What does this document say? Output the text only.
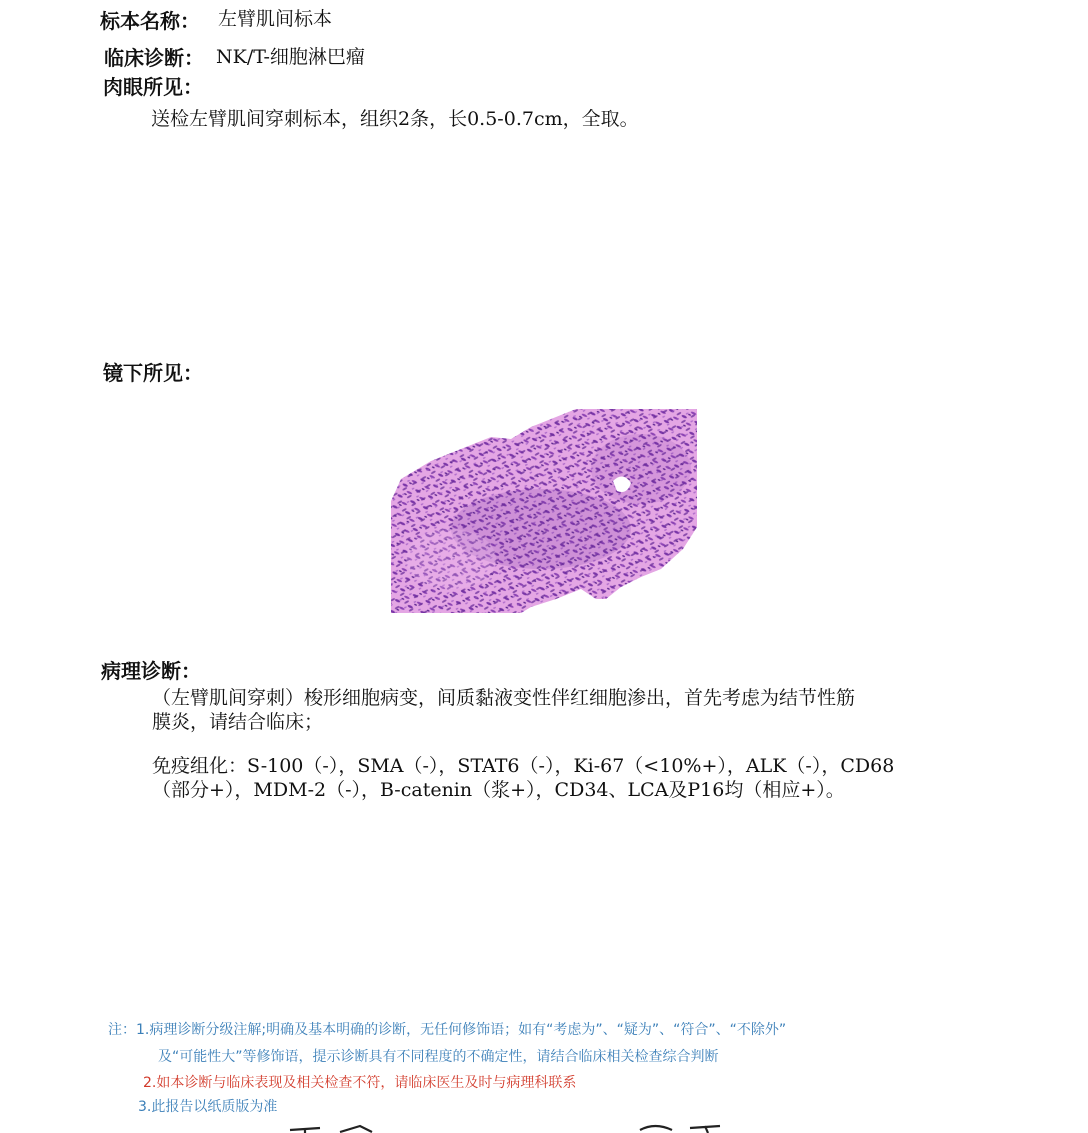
标本名称： 左臂肌间标本
临床诊断： NK/T-细胞淋巴瘤
肉眼所见：
送检左臂肌间穿刺标本，组织2条，长0.5-0.7cm，全取。
镜下所见：
病理诊断：
（左臂肌间穿刺）梭形细胞病变，间质黏液变性伴红细胞渗出，首先考虑为结节性筋
膜炎，请结合临床；
免疫组化：S-100（-），SMA（-），STAT6（-），Ki-67（<10%+），ALK（-），CD68
（部分+），MDM-2（-），B-catenin（浆+），CD34、LCA及P16均（相应+）。
注：1.病理诊断分级注解;明确及基本明确的诊断，无任何修饰语；如有“考虑为”、“疑为”、“符合”、“不除外”
及“可能性大”等修饰语，提示诊断具有不同程度的不确定性，请结合临床相关检查综合判断
2.如本诊断与临床表现及相关检查不符，请临床医生及时与病理科联系
3.此报告以纸质版为准
